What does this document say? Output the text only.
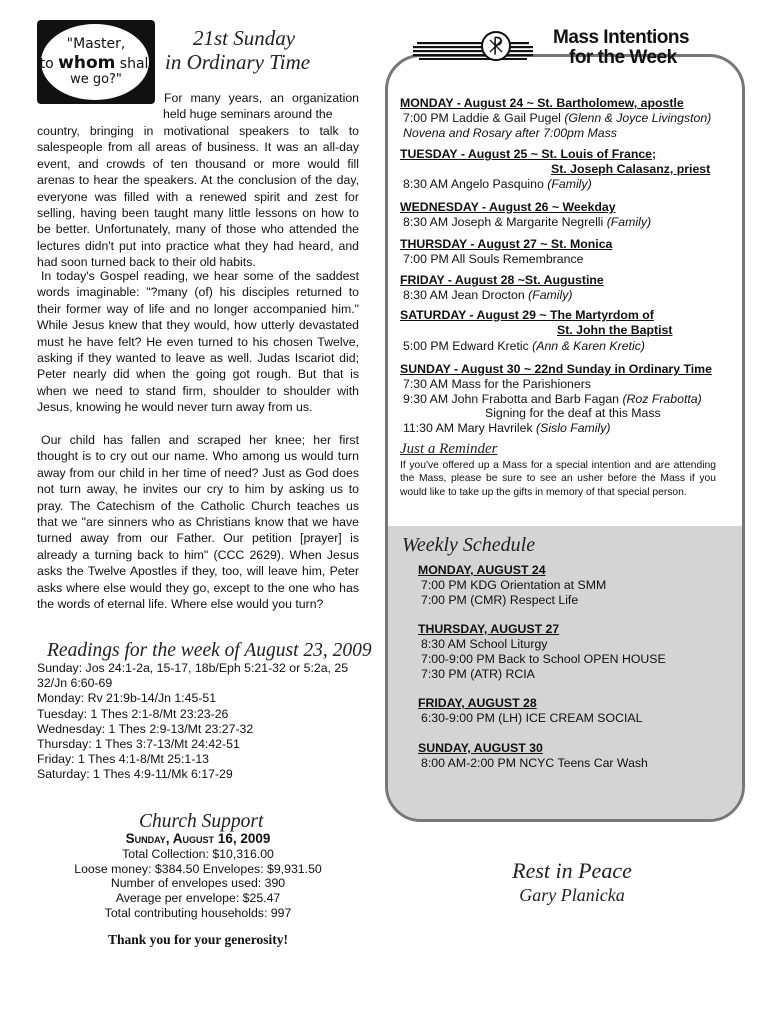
"Master,
to whom shall
we go?"
21st Sunday
in Ordinary Time

For many years, an organization held huge seminars around the

country, bringing in motivational speakers to talk to salespeople from all areas of business. It was an all-day event, and crowds of ten thousand or more would fill arenas to hear the speakers. At the conclusion of the day, everyone was filled with a renewed spirit and zest for selling, having been taught many little lessons on how to be better. Unfortunately, many of those who attended the lectures didn't put into practice what they had heard, and had soon turned back to their old habits.

In today's Gospel reading, we hear some of the saddest words imaginable: "?many (of) his disciples returned to their former way of life and no longer accompanied him." While Jesus knew that they would, how utterly devastated must he have felt? He even turned to his chosen Twelve, asking if they wanted to leave as well. Judas Iscariot did; Peter nearly did when the going got rough. But that is when we need to stand firm, shoulder to shoulder with Jesus, knowing he would never turn away from us.

Our child has fallen and scraped her knee; her first thought is to cry out our name. Who among us would turn away from our child in her time of need? Just as God does not turn away, he invites our cry to him by asking us to pray. The Catechism of the Catholic Church teaches us that we "are sinners who as Christians know that we have turned away from our Father. Our petition [prayer] is already a turning back to him" (CCC 2629). When Jesus asks the Twelve Apostles if they, too, will leave him, Peter asks where else would they go, except to the one who has the words of eternal life. Where else would you turn?

Readings for the week of August 23, 2009
Sunday: Jos 24:1-2a, 15-17, 18b/Eph 5:21-32 or 5:2a, 25
32/Jn 6:60-69
Monday: Rv 21:9b-14/Jn 1:45-51
Tuesday: 1 Thes 2:1-8/Mt 23:23-26
Wednesday: 1 Thes 2:9-13/Mt 23:27-32
Thursday: 1 Thes 3:7-13/Mt 24:42-51
Friday: 1 Thes 4:1-8/Mt 25:1-13
Saturday: 1 Thes 4:9-11/Mk 6:17-29
Church Support
Sunday, August 16, 2009
Total Collection: $10,316.00
Loose money: $384.50 Envelopes: $9,931.50
Number of envelopes used: 390
Average per envelope: $25.47
Total contributing households: 997
Thank you for your generosity!
Mass Intentions
for the Week
MONDAY - August 24 ~ St. Bartholomew, apostle
7:00 PM Laddie & Gail Pugel (Glenn & Joyce Livingston)
Novena and Rosary after 7:00pm Mass
TUESDAY - August 25 ~ St. Louis of France;
St. Joseph Calasanz, priest
8:30 AM Angelo Pasquino (Family)
WEDNESDAY - August 26 ~ Weekday
8:30 AM Joseph & Margarite Negrelli (Family)
THURSDAY - August 27 ~ St. Monica
7:00 PM All Souls Remembrance
FRIDAY - August 28 ~St. Augustine
8:30 AM Jean Drocton (Family)
SATURDAY - August 29 ~ The Martyrdom of
St. John the Baptist
5:00 PM Edward Kretic (Ann & Karen Kretic)
SUNDAY - August 30 ~ 22nd Sunday in Ordinary Time
7:30 AM Mass for the Parishioners
9:30 AM John Frabotta and Barb Fagan (Roz Frabotta)
Signing for the deaf at this Mass
11:30 AM Mary Havrilek (Sislo Family)
Just a Reminder

If you've offered up a Mass for a special intention and are attending the Mass, please be sure to see an usher before the Mass if you would like to take up the gifts in memory of that special person.

Weekly Schedule
MONDAY, AUGUST 24
7:00 PM KDG Orientation at SMM
7:00 PM (CMR) Respect Life
THURSDAY, AUGUST 27
8:30 AM School Liturgy
7:00-9:00 PM Back to School OPEN HOUSE
7:30 PM (ATR) RCIA
FRIDAY, AUGUST 28
6:30-9:00 PM (LH) ICE CREAM SOCIAL
SUNDAY, AUGUST 30
8:00 AM-2:00 PM NCYC Teens Car Wash
Rest in Peace
Gary Planicka
